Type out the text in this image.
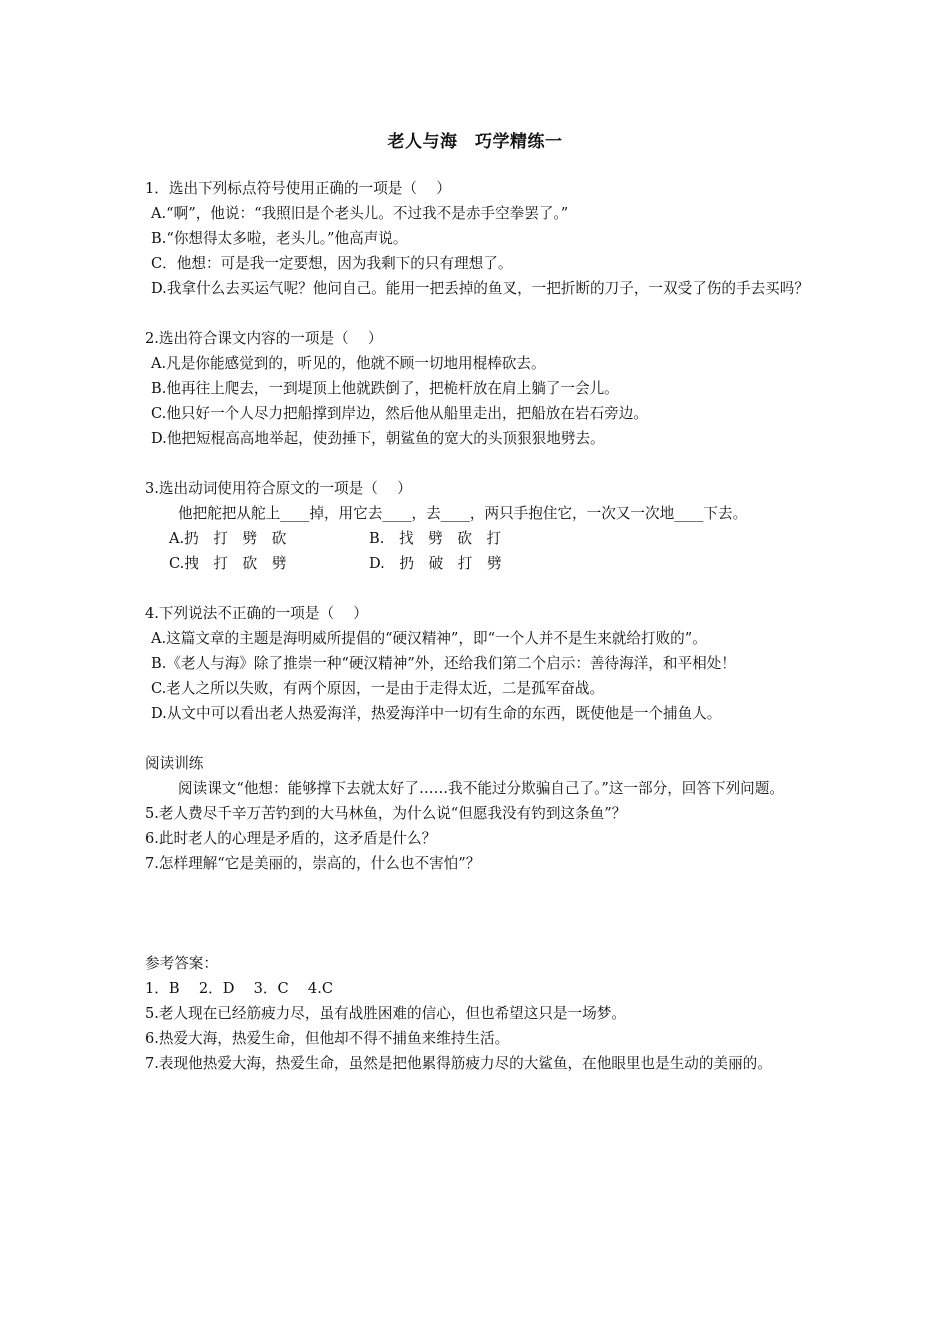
老人与海　巧学精练一
1．选出下列标点符号使用正确的一项是（　 ）
A.“啊”，他说：“我照旧是个老头儿。不过我不是赤手空拳罢了。”
B.“你想得太多啦，老头儿。”他高声说。
C．他想：可是我一定要想，因为我剩下的只有理想了。
D.我拿什么去买运气呢？他问自己。能用一把丢掉的鱼叉，一把折断的刀子，一双受了伤的手去买吗？
2.选出符合课文内容的一项是（　 ）
A.凡是你能感觉到的，听见的，他就不顾一切地用棍棒砍去。
B.他再往上爬去，一到堤顶上他就跌倒了，把桅杆放在肩上躺了一会儿。
C.他只好一个人尽力把船撑到岸边，然后他从船里走出，把船放在岩石旁边。
D.他把短棍高高地举起，使劲捶下，朝鲨鱼的宽大的头顶狠狠地劈去。
3.选出动词使用符合原文的一项是（　 ）
他把舵把从舵上____掉，用它去____，去____，两只手抱住它，一次又一次地____下去。
A.扔　打　劈　砍	B.　找　劈　砍　打
C.拽　打　砍　劈	D.　扔　破　打　劈
4.下列说法不正确的一项是（　 ）
A.这篇文章的主题是海明威所提倡的“硬汉精神”，即“一个人并不是生来就给打败的”。
B.《老人与海》除了推崇一种“硬汉精神”外，还给我们第二个启示：善待海洋，和平相处！
C.老人之所以失败，有两个原因，一是由于走得太近，二是孤军奋战。
D.从文中可以看出老人热爱海洋，热爱海洋中一切有生命的东西，既使他是一个捕鱼人。
阅读训练
阅读课文“他想：能够撑下去就太好了……我不能过分欺骗自己了。”这一部分，回答下列问题。
5.老人费尽千辛万苦钓到的大马林鱼，为什么说“但愿我没有钓到这条鱼”？
6.此时老人的心理是矛盾的，这矛盾是什么？
7.怎样理解“它是美丽的，崇高的，什么也不害怕”？
参考答案：
1．B　 2．D　 3．C　 4.C
5.老人现在已经筋疲力尽，虽有战胜困难的信心，但也希望这只是一场梦。
6.热爱大海，热爱生命，但他却不得不捕鱼来维持生活。
7.表现他热爱大海，热爱生命，虽然是把他累得筋疲力尽的大鲨鱼，在他眼里也是生动的美丽的。
